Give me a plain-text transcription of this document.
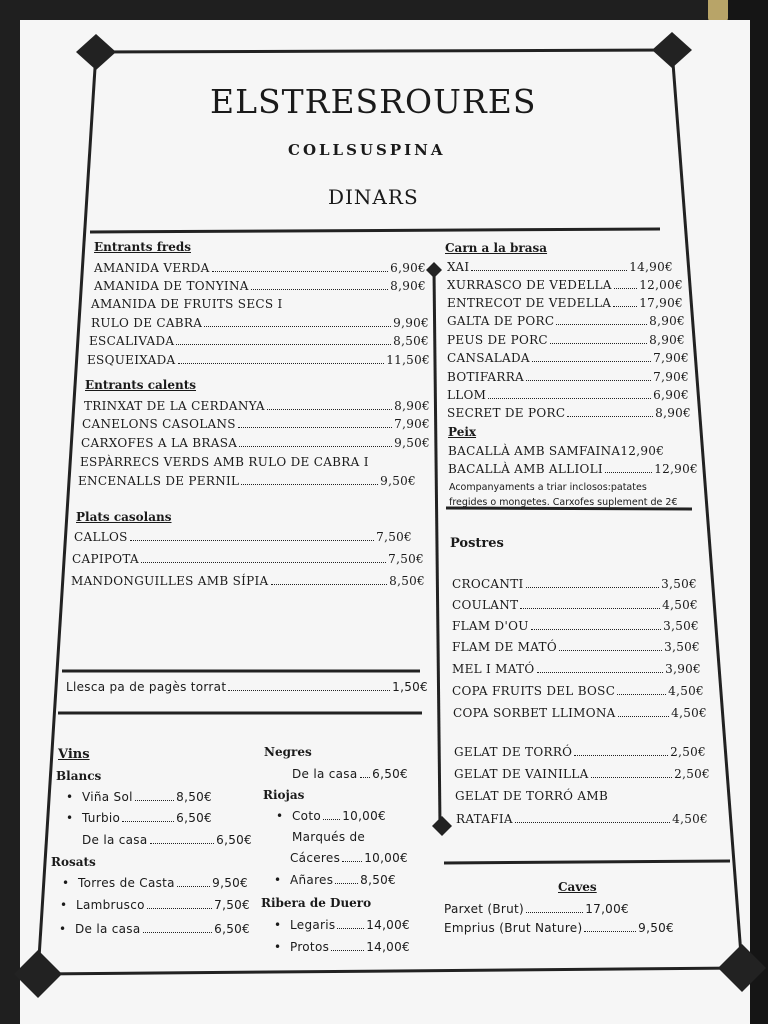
ELSTRESROURES
COLLSUSPINA
DINARS
Entrants freds
AMANIDA VERDA	6,90€
AMANIDA DE TONYINA	8,90€
AMANIDA DE FRUITS SECS I
RULO DE CABRA	9,90€
ESCALIVADA	8,50€
ESQUEIXADA	11,50€
Entrants calents
TRINXAT DE LA CERDANYA	8,90€
CANELONS CASOLANS	7,90€
CARXOFES A LA BRASA	9,50€
ESPÀRRECS VERDS AMB RULO DE CABRA I
ENCENALLS DE PERNIL	9,50€
Plats casolans
CALLOS	7,50€
CAPIPOTA	7,50€
MANDONGUILLES AMB SÍPIA	8,50€
Llesca pa de pagès torrat	1,50€
Carn a la brasa
XAI	14,90€
XURRASCO DE VEDELLA 12,00€
ENTRECOT DE VEDELLA 17,90€
GALTA DE PORC	8,90€
PEUS DE PORC	8,90€
CANSALADA	7,90€
BOTIFARRA	7,90€
LLOM	6,90€
SECRET DE PORC	8,90€
Peix
BACALLÀ AMB SAMFAINA 12,90€
BACALLÀ AMB ALLIOLI	12,90€
Acompanyaments a triar inclosos:patates
fregides o mongetes. Carxofes suplement de 2€
Postres
CROCANTI	3,50€
COULANT	4,50€
FLAM D'OU	3,50€
FLAM DE MATÓ	3,50€
MEL I MATÓ	3,90€
COPA FRUITS DEL BOSC	4,50€
COPA SORBET LLIMONA	4,50€
GELAT DE TORRÓ	2,50€
GELAT DE VAINILLA	2,50€
GELAT DE TORRÓ AMB
RATAFIA	4,50€
Vins
Blancs
• Viña Sol	8,50€
• Turbio	6,50€
De la casa	6,50€
Rosats
• Torres de Casta	9,50€
• Lambrusco	7,50€
• De la casa	6,50€
Negres
De la casa 6,50€
Riojas
• Coto 10,00€
Marqués de
Cáceres 10,00€
• Añares 8,50€
Ribera de Duero
• Legaris	14,00€
• Protos	14,00€
Caves
Parxet (Brut)	17,00€
Emprius (Brut Nature)	9,50€
